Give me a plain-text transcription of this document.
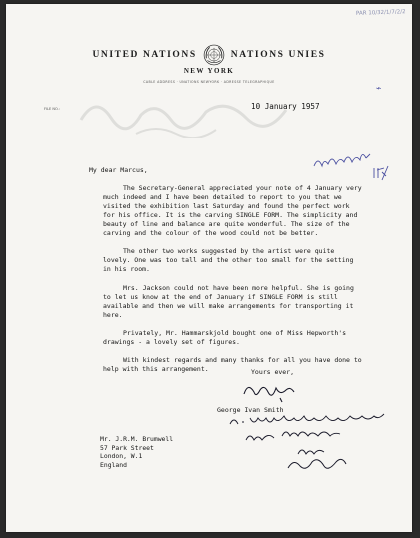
PAR 10/32/1/7/2/2
UNITED NATIONS	NATIONS UNIES
NEW YORK
CABLE ADDRESS · UNATIONS NEWYORK · ADRESSE TELEGRAPHIQUE
FILE NO.:
⌁
10 January 1957

My dear Marcus,

The Secretary-General appreciated your note of 4 January very much indeed and I have been detailed to report to you that we visited the exhibition last Saturday and found the perfect work for his office. It is the carving SINGLE FORM. The simplicity and beauty of line and balance are quite wonderful. The size of the carving and the colour of the wood could not be better.

The other two works suggested by the artist were quite lovely. One was too tall and the other too small for the setting in his room.

Mrs. Jackson could not have been more helpful. She is going to let us know at the end of January if SINGLE FORM is still available and then we will make arrangements for transporting it here.

Privately, Mr. Hammarskjold bought one of Miss Hepworth's drawings - a lovely set of figures.

With kindest regards and many thanks for all you have done to help with this arrangement.	Yours ever,
George Ivan Smith
Mr. J.R.M. Brumwell
57 Park Street
London, W.1
England
